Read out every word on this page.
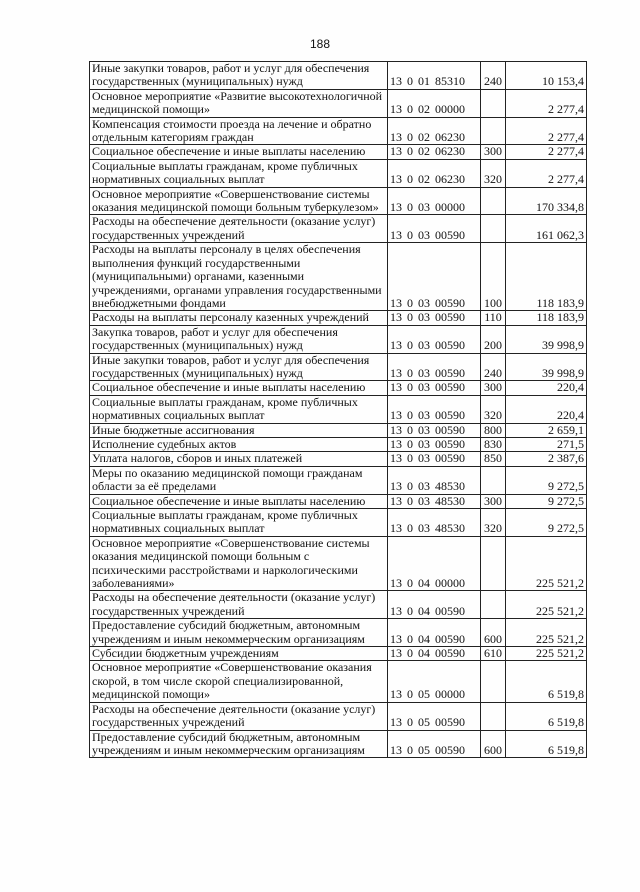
188
Иные закупки товаров, работ и услуг для обеспечения государственных (муниципальных) нужд	13 0 01 85310	240	10 153,4
Основное мероприятие «Развитие высокотехнологичной медицинской помощи»	13 0 02 00000		2 277,4
Компенсация стоимости проезда на лечение и обратно отдельным категориям граждан	13 0 02 06230		2 277,4
Социальное обеспечение и иные выплаты населению	13 0 02 06230	300	2 277,4
Социальные выплаты гражданам, кроме публичных нормативных социальных выплат	13 0 02 06230	320	2 277,4
Основное мероприятие «Совершенствование системы оказания медицинской помощи больным туберкулезом»	13 0 03 00000		170 334,8
Расходы на обеспечение деятельности (оказание услуг) государственных учреждений	13 0 03 00590		161 062,3
Расходы на выплаты персоналу в целях обеспечения выполнения функций государственными (муниципальными) органами, казенными учреждениями, органами управления государственными внебюджетными фондами	13 0 03 00590	100	118 183,9
Расходы на выплаты персоналу казенных учреждений	13 0 03 00590	110	118 183,9
Закупка товаров, работ и услуг для обеспечения государственных (муниципальных) нужд	13 0 03 00590	200	39 998,9
Иные закупки товаров, работ и услуг для обеспечения государственных (муниципальных) нужд	13 0 03 00590	240	39 998,9
Социальное обеспечение и иные выплаты населению	13 0 03 00590	300	220,4
Социальные выплаты гражданам, кроме публичных нормативных социальных выплат	13 0 03 00590	320	220,4
Иные бюджетные ассигнования	13 0 03 00590	800	2 659,1
Исполнение судебных актов	13 0 03 00590	830	271,5
Уплата налогов, сборов и иных платежей	13 0 03 00590	850	2 387,6
Меры по оказанию медицинской помощи гражданам области за её пределами	13 0 03 48530		9 272,5
Социальное обеспечение и иные выплаты населению	13 0 03 48530	300	9 272,5
Социальные выплаты гражданам, кроме публичных нормативных социальных выплат	13 0 03 48530	320	9 272,5
Основное мероприятие «Совершенствование системы оказания медицинской помощи больным с психическими расстройствами и наркологическими заболеваниями»	13 0 04 00000		225 521,2
Расходы на обеспечение деятельности (оказание услуг) государственных учреждений	13 0 04 00590		225 521,2
Предоставление субсидий бюджетным, автономным учреждениям и иным некоммерческим организациям	13 0 04 00590	600	225 521,2
Субсидии бюджетным учреждениям	13 0 04 00590	610	225 521,2
Основное мероприятие «Совершенствование оказания скорой, в том числе скорой специализированной, медицинской помощи»	13 0 05 00000		6 519,8
Расходы на обеспечение деятельности (оказание услуг) государственных учреждений	13 0 05 00590		6 519,8
Предоставление субсидий бюджетным, автономным учреждениям и иным некоммерческим организациям	13 0 05 00590	600	6 519,8
